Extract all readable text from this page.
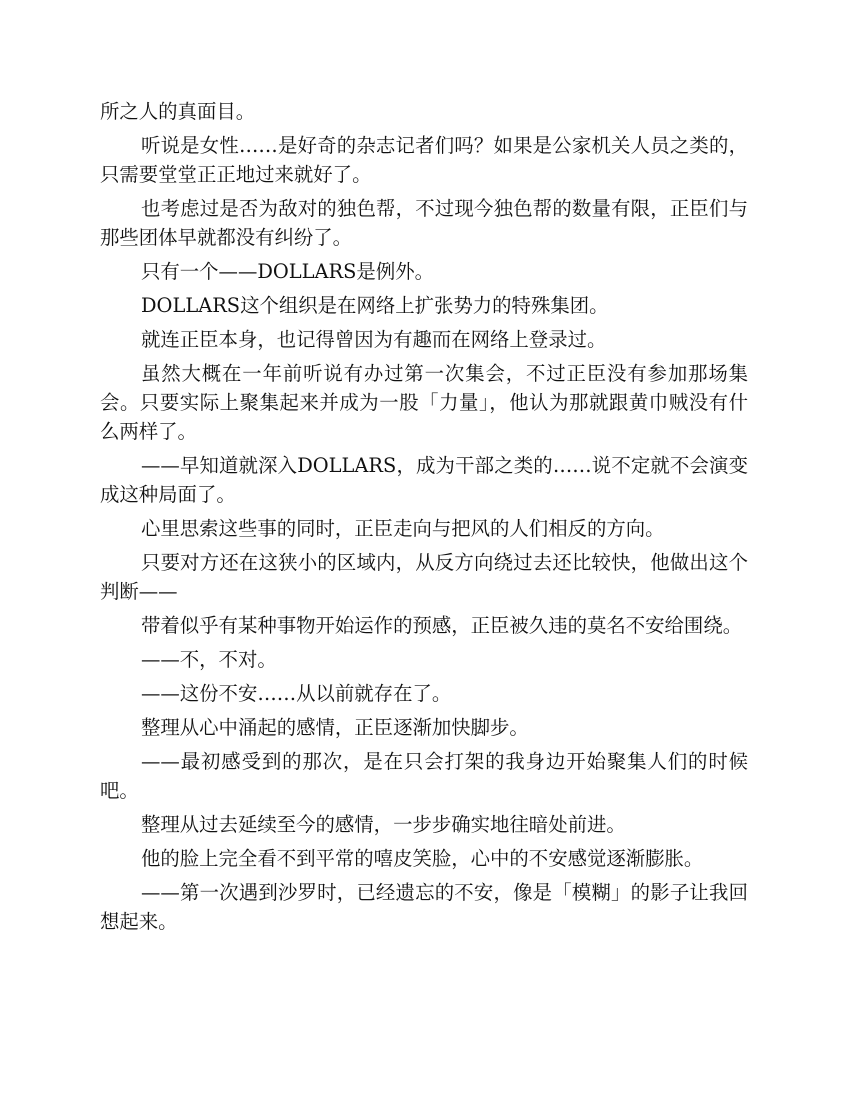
所之人的真面目。

听说是女性……是好奇的杂志记者们吗？如果是公家机关人员之类的，只需要堂堂正正地过来就好了。

也考虑过是否为敌对的独色帮，不过现今独色帮的数量有限，正臣们与那些团体早就都没有纠纷了。

只有一个——DOLLARS是例外。

DOLLARS这个组织是在网络上扩张势力的特殊集团。

就连正臣本身，也记得曾因为有趣而在网络上登录过。

虽然大概在一年前听说有办过第一次集会，不过正臣没有参加那场集会。只要实际上聚集起来并成为一股「力量」，他认为那就跟黄巾贼没有什么两样了。

——早知道就深入DOLLARS，成为干部之类的……说不定就不会演变成这种局面了。

心里思索这些事的同时，正臣走向与把风的人们相反的方向。

只要对方还在这狭小的区域内，从反方向绕过去还比较快，他做出这个判断——

带着似乎有某种事物开始运作的预感，正臣被久违的莫名不安给围绕。

——不，不对。

——这份不安……从以前就存在了。

整理从心中涌起的感情，正臣逐渐加快脚步。

——最初感受到的那次，是在只会打架的我身边开始聚集人们的时候吧。

整理从过去延续至今的感情，一步步确实地往暗处前进。

他的脸上完全看不到平常的嘻皮笑脸，心中的不安感觉逐渐膨胀。

——第一次遇到沙罗时，已经遗忘的不安，像是「模糊」的影子让我回想起来。
